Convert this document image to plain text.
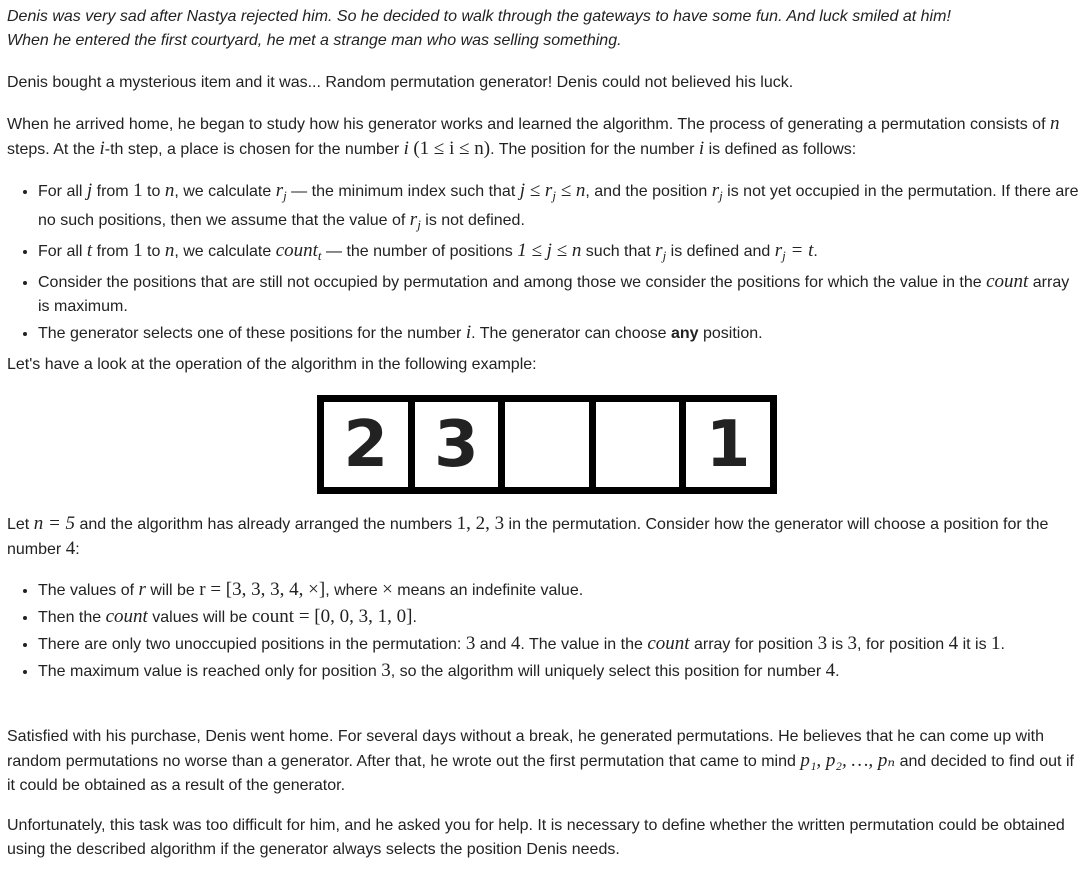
Denis was very sad after Nastya rejected him. So he decided to walk through the gateways to have some fun. And luck smiled at him!
When he entered the first courtyard, he met a strange man who was selling something.

Denis bought a mysterious item and it was... Random permutation generator! Denis could not believed his luck.

When he arrived home, he began to study how his generator works and learned the algorithm. The process of generating a permutation consists of n steps. At the i-th step, a place is chosen for the number i (1 ≤ i ≤ n). The position for the number i is defined as follows:

• For all j from 1 to n, we calculate $r_j$ — the minimum index such that $j \le r_j \le n$, and the position $r_j$ is not yet occupied in the permutation. If there are no such positions, then we assume that the value of $r_j$ is not defined.
• For all t from 1 to n, we calculate count$_t$ — the number of positions 1 ≤ j ≤ n such that $r_j$ is defined and $r_j = t$.
• Consider the positions that are still not occupied by permutation and among those we consider the positions for which the value in the count array is maximum.
• The generator selects one of these positions for the number i. The generator can choose any position.

Let's have a look at the operation of the algorithm in the following example:

2 3	1

Let n = 5 and the algorithm has already arranged the numbers 1, 2, 3 in the permutation. Consider how the generator will choose a position for the number 4:

• The values of r will be r = [3, 3, 3, 4, ×], where × means an indefinite value.
• Then the count values will be count = [0, 0, 3, 1, 0].
• There are only two unoccupied positions in the permutation: 3 and 4. The value in the count array for position 3 is 3, for position 4 it is 1.
• The maximum value is reached only for position 3, so the algorithm will uniquely select this position for number 4.

Satisfied with his purchase, Denis went home. For several days without a break, he generated permutations. He believes that he can come up with random permutations no worse than a generator. After that, he wrote out the first permutation that came to mind p₁, p₂, …, pₙ and decided to find out if it could be obtained as a result of the generator.

Unfortunately, this task was too difficult for him, and he asked you for help. It is necessary to define whether the written permutation could be obtained using the described algorithm if the generator always selects the position Denis needs.
